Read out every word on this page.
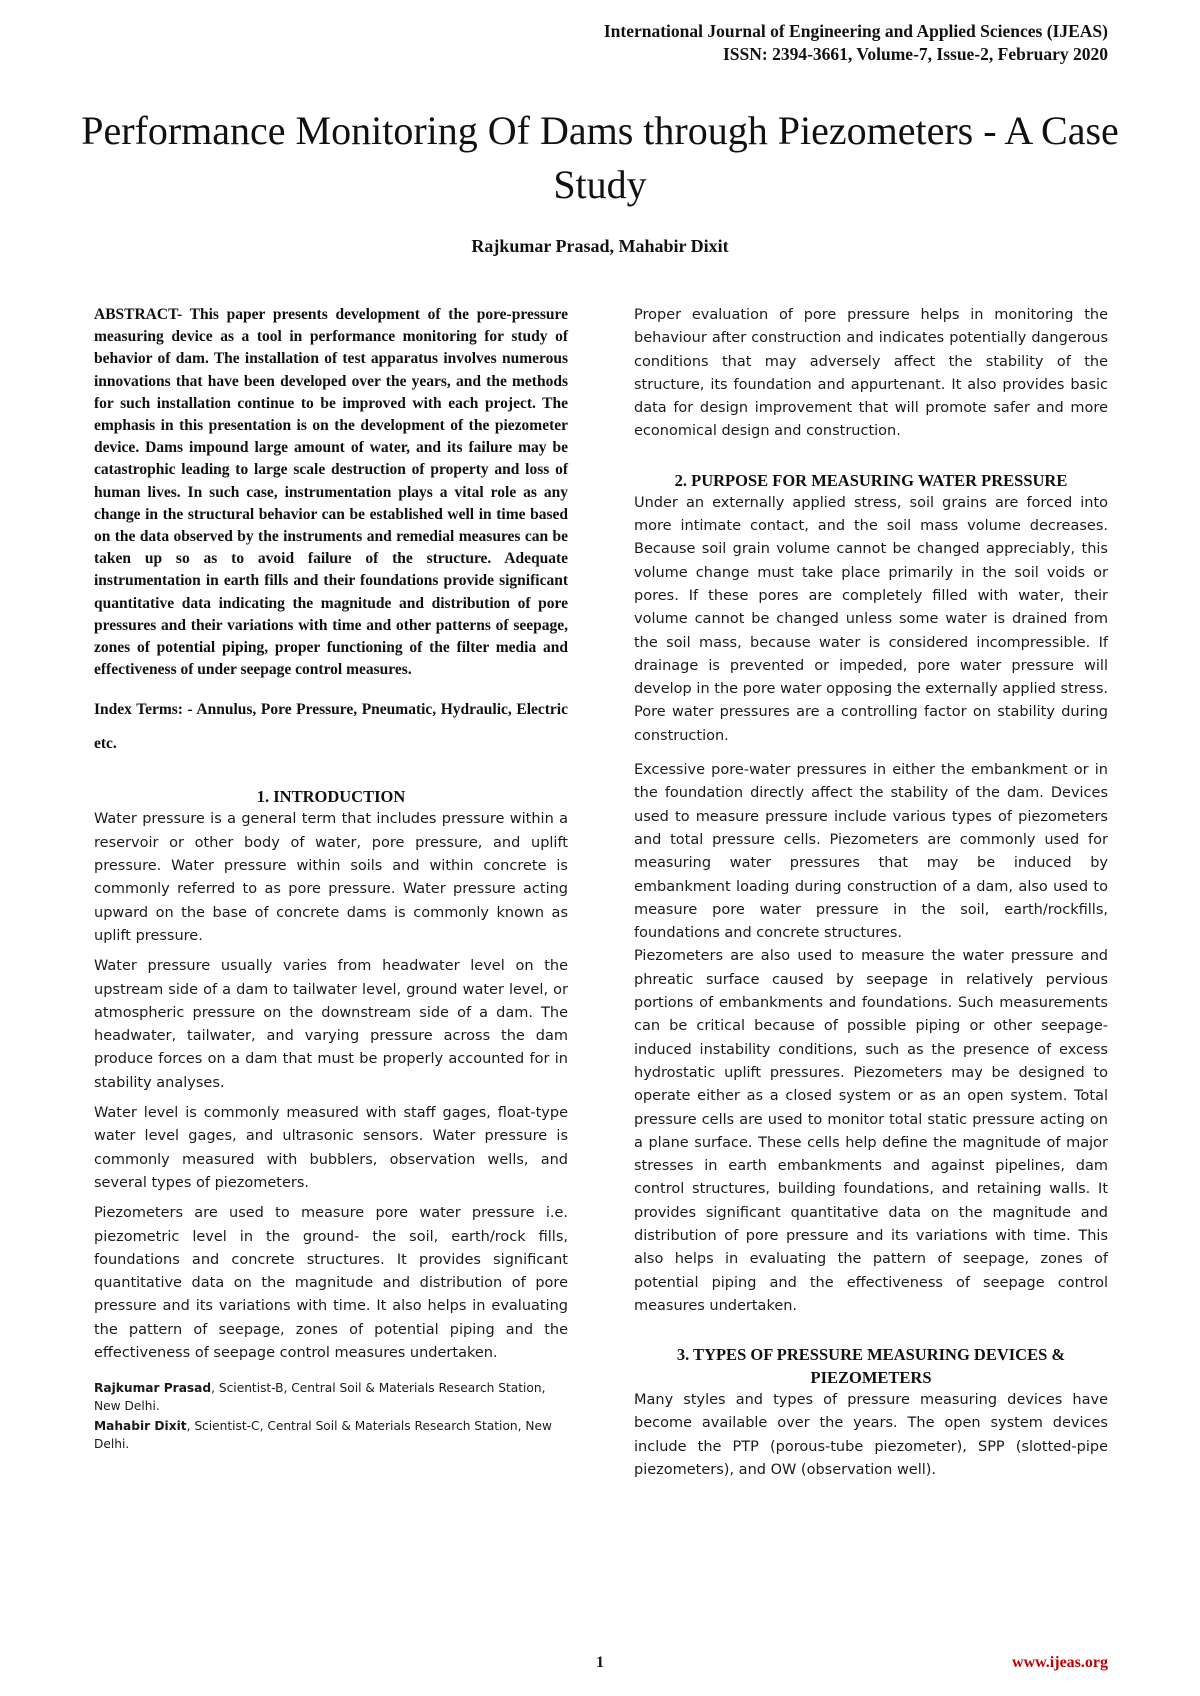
International Journal of Engineering and Applied Sciences (IJEAS)
ISSN: 2394-3661, Volume-7, Issue-2, February 2020
Performance Monitoring Of Dams through Piezometers - A Case Study

Rajkumar Prasad, Mahabir Dixit

ABSTRACT- This paper presents development of the pore-pressure measuring device as a tool in performance monitoring for study of behavior of dam. The installation of test apparatus involves numerous innovations that have been developed over the years, and the methods for such installation continue to be improved with each project. The emphasis in this presentation is on the development of the piezometer device. Dams impound large amount of water, and its failure may be catastrophic leading to large scale destruction of property and loss of human lives. In such case, instrumentation plays a vital role as any change in the structural behavior can be established well in time based on the data observed by the instruments and remedial measures can be taken up so as to avoid failure of the structure. Adequate instrumentation in earth fills and their foundations provide significant quantitative data indicating the magnitude and distribution of pore pressures and their variations with time and other patterns of seepage, zones of potential piping, proper functioning of the filter media and effectiveness of under seepage control measures.

Index Terms: - Annulus, Pore Pressure, Pneumatic, Hydraulic, Electric etc.

1. INTRODUCTION

Water pressure is a general term that includes pressure within a reservoir or other body of water, pore pressure, and uplift pressure. Water pressure within soils and within concrete is commonly referred to as pore pressure. Water pressure acting upward on the base of concrete dams is commonly known as uplift pressure.

Water pressure usually varies from headwater level on the upstream side of a dam to tailwater level, ground water level, or atmospheric pressure on the downstream side of a dam. The headwater, tailwater, and varying pressure across the dam produce forces on a dam that must be properly accounted for in stability analyses.

Water level is commonly measured with staff gages, float-type water level gages, and ultrasonic sensors. Water pressure is commonly measured with bubblers, observation wells, and several types of piezometers.

Piezometers are used to measure pore water pressure i.e. piezometric level in the ground- the soil, earth/rock fills, foundations and concrete structures. It provides significant quantitative data on the magnitude and distribution of pore pressure and its variations with time. It also helps in evaluating the pattern of seepage, zones of potential piping and the effectiveness of seepage control measures undertaken.

Rajkumar Prasad, Scientist-B, Central Soil & Materials Research Station, New Delhi.

Mahabir Dixit, Scientist-C, Central Soil & Materials Research Station, New Delhi.

Proper evaluation of pore pressure helps in monitoring the behaviour after construction and indicates potentially dangerous conditions that may adversely affect the stability of the structure, its foundation and appurtenant. It also provides basic data for design improvement that will promote safer and more economical design and construction.

2. PURPOSE FOR MEASURING WATER PRESSURE

Under an externally applied stress, soil grains are forced into more intimate contact, and the soil mass volume decreases. Because soil grain volume cannot be changed appreciably, this volume change must take place primarily in the soil voids or pores. If these pores are completely filled with water, their volume cannot be changed unless some water is drained from the soil mass, because water is considered incompressible. If drainage is prevented or impeded, pore water pressure will develop in the pore water opposing the externally applied stress. Pore water pressures are a controlling factor on stability during construction.

Excessive pore-water pressures in either the embankment or in the foundation directly affect the stability of the dam. Devices used to measure pressure include various types of piezometers and total pressure cells. Piezometers are commonly used for measuring water pressures that may be induced by embankment loading during construction of a dam, also used to measure pore water pressure in the soil, earth/rockfills, foundations and concrete structures.

Piezometers are also used to measure the water pressure and phreatic surface caused by seepage in relatively pervious portions of embankments and foundations. Such measurements can be critical because of possible piping or other seepage-induced instability conditions, such as the presence of excess hydrostatic uplift pressures. Piezometers may be designed to operate either as a closed system or as an open system. Total pressure cells are used to monitor total static pressure acting on a plane surface. These cells help define the magnitude of major stresses in earth embankments and against pipelines, dam control structures, building foundations, and retaining walls. It provides significant quantitative data on the magnitude and distribution of pore pressure and its variations with time. This also helps in evaluating the pattern of seepage, zones of potential piping and the effectiveness of seepage control measures undertaken.

3. TYPES OF PRESSURE MEASURING DEVICES & PIEZOMETERS

Many styles and types of pressure measuring devices have become available over the years. The open system devices include the PTP (porous-tube piezometer), SPP (slotted-pipe piezometers), and OW (observation well).

1	www.ijeas.org
